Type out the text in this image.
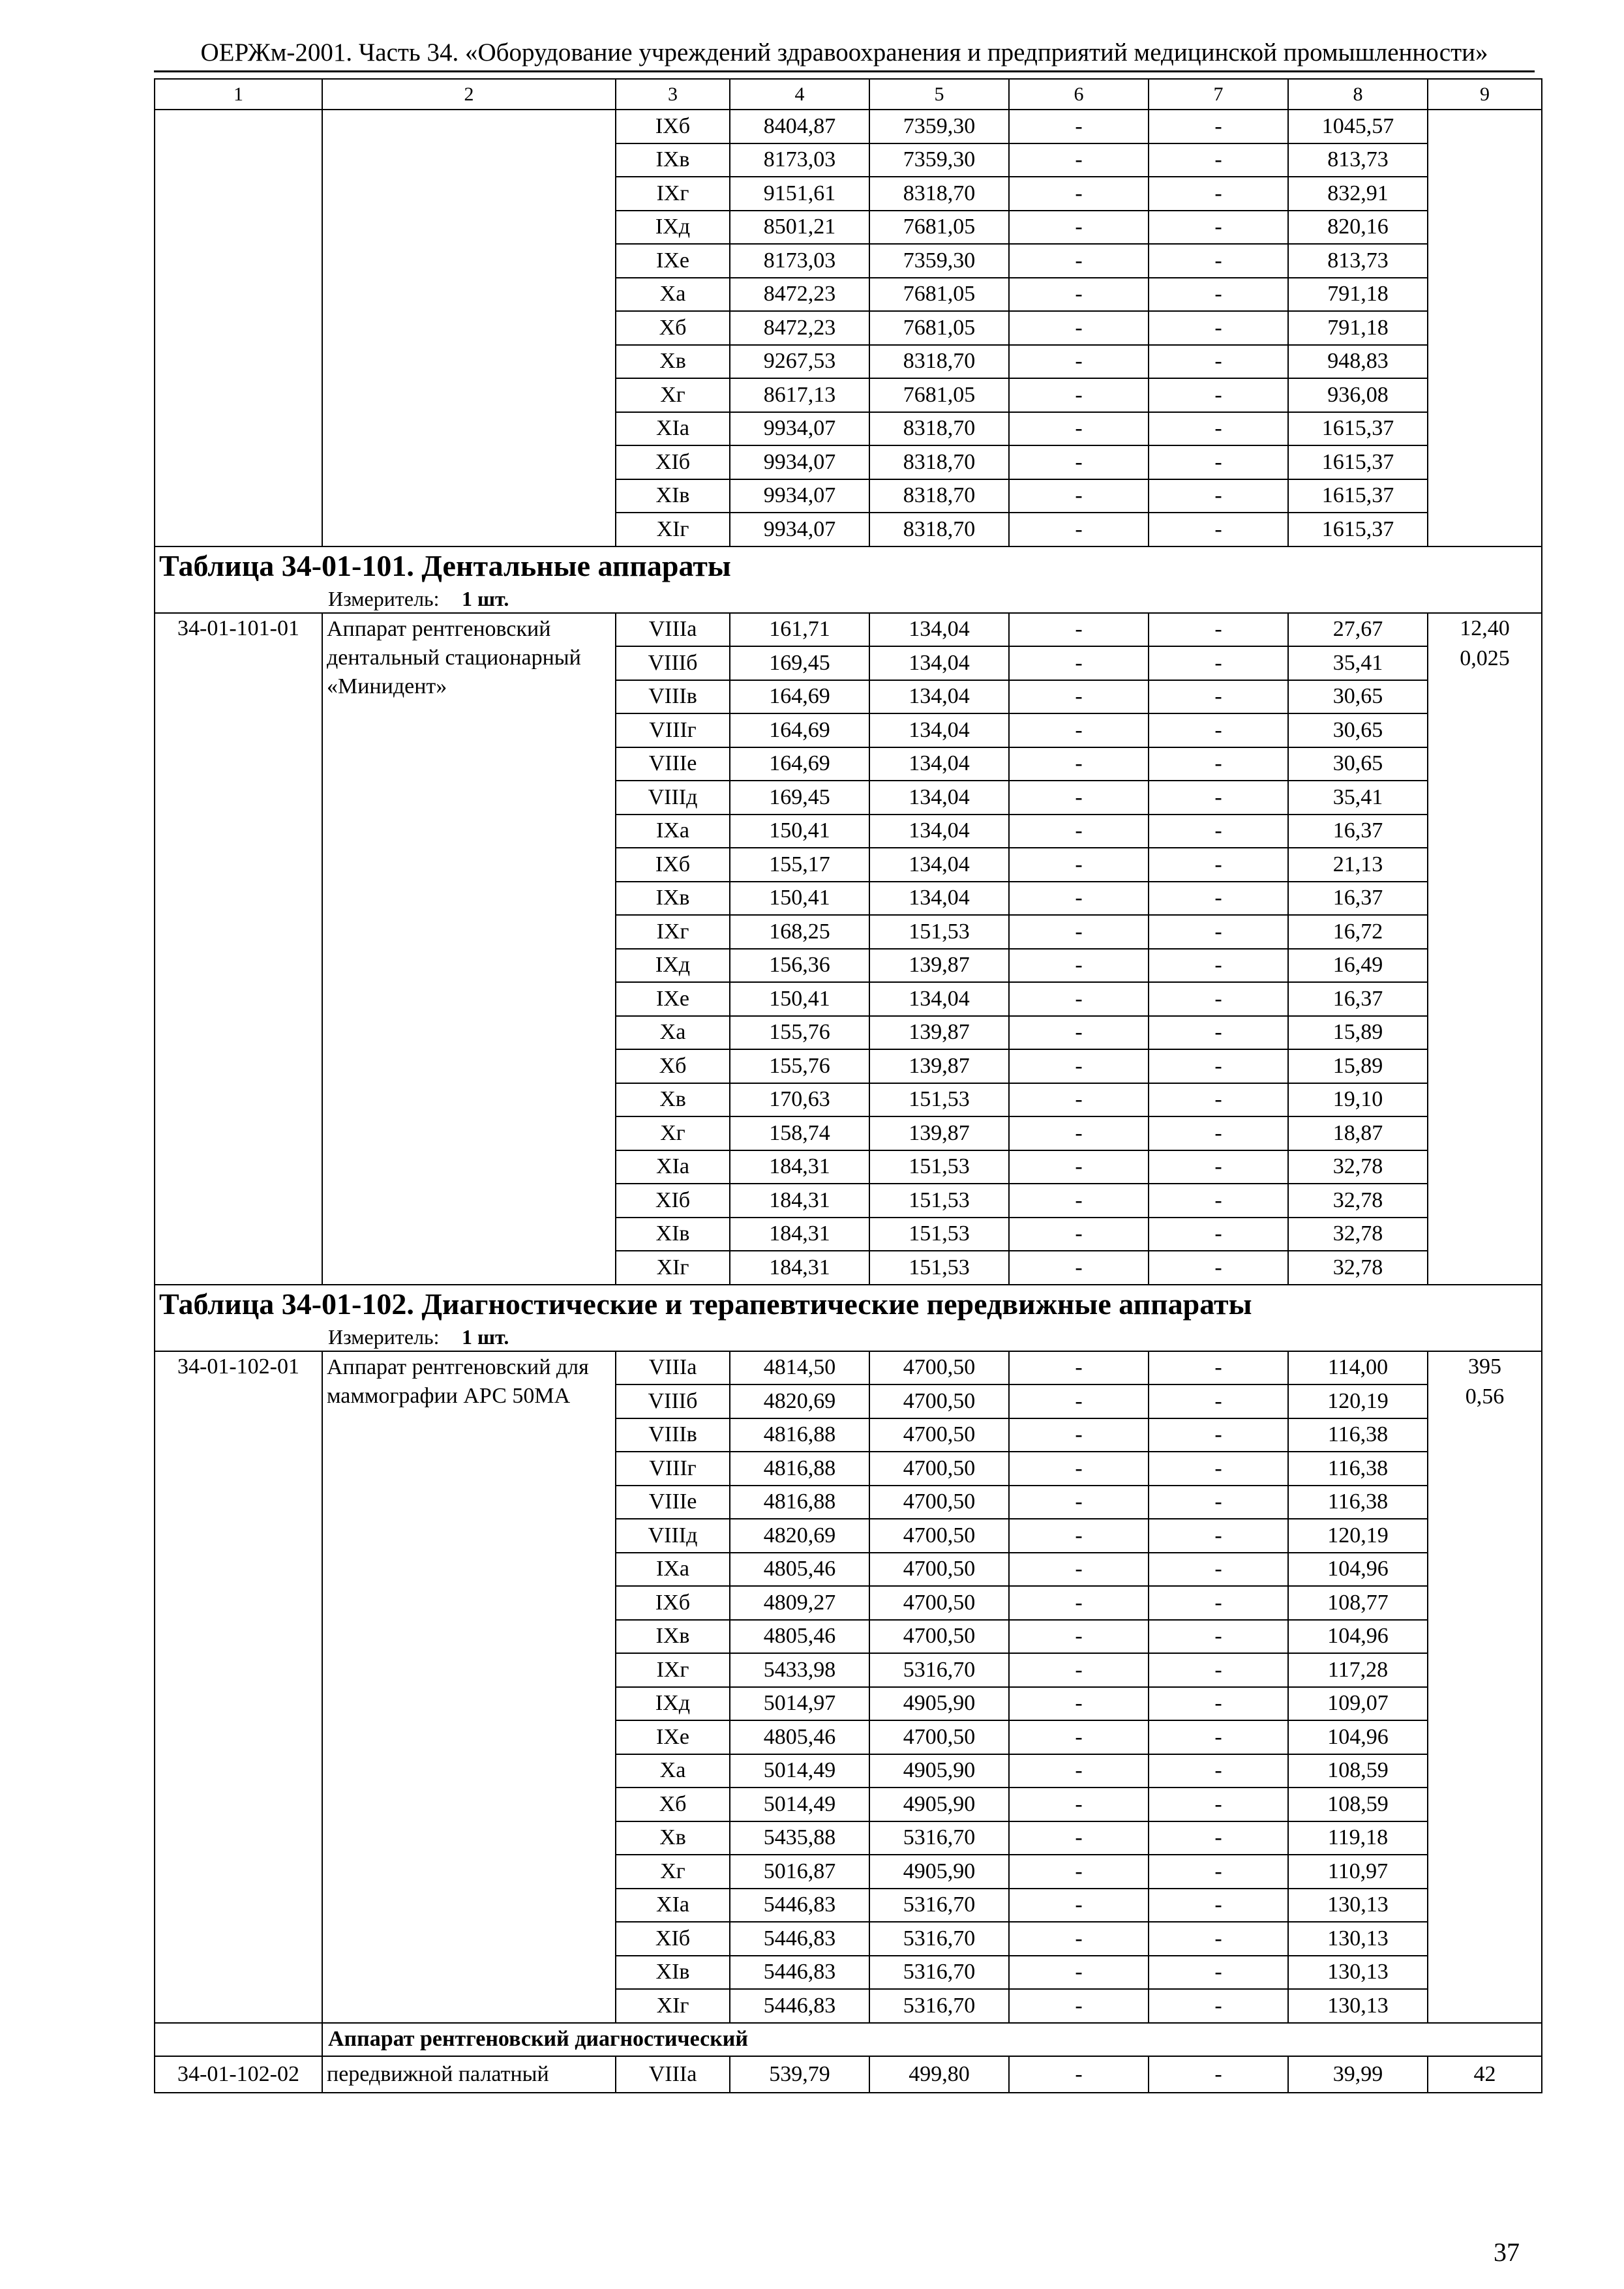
ОЕРЖм-2001. Часть 34. «Оборудование учреждений здравоохранения и предприятий медицинской промышленности»
1	2	3	4	5	6	7	8	9
		IХб	8404,87	7359,30	-	-	1045,57	
		IХв	8173,03	7359,30	-	-	813,73	
		IХг	9151,61	8318,70	-	-	832,91	
		IХд	8501,21	7681,05	-	-	820,16	
		IХе	8173,03	7359,30	-	-	813,73	
		Ха	8472,23	7681,05	-	-	791,18	
		Хб	8472,23	7681,05	-	-	791,18	
		Хв	9267,53	8318,70	-	-	948,83	
		Хг	8617,13	7681,05	-	-	936,08	
		ХIа	9934,07	8318,70	-	-	1615,37	
		ХIб	9934,07	8318,70	-	-	1615,37	
		ХIв	9934,07	8318,70	-	-	1615,37	
		ХIг	9934,07	8318,70	-	-	1615,37	
Таблица 34-01-101. Дентальные аппараты								
Измеритель: 1 шт.								
34-01-101-01	Аппарат рентгеновский дентальный стационарный «Минидент»	VIIIа	161,71	134,04	-	-	27,67	12,40
0,025

		VIIIб	169,45	134,04	-	-	35,41	
		VIIIв	164,69	134,04	-	-	30,65	
		VIIIг	164,69	134,04	-	-	30,65	
		VIIIе	164,69	134,04	-	-	30,65	
		VIIIд	169,45	134,04	-	-	35,41	
		IХа	150,41	134,04	-	-	16,37	
		IХб	155,17	134,04	-	-	21,13	
		IХв	150,41	134,04	-	-	16,37	
		IХг	168,25	151,53	-	-	16,72	
		IХд	156,36	139,87	-	-	16,49	
		IХе	150,41	134,04	-	-	16,37	
		Ха	155,76	139,87	-	-	15,89	
		Хб	155,76	139,87	-	-	15,89	
		Хв	170,63	151,53	-	-	19,10	
		Хг	158,74	139,87	-	-	18,87	
		ХIа	184,31	151,53	-	-	32,78	
		ХIб	184,31	151,53	-	-	32,78	
		ХIв	184,31	151,53	-	-	32,78	
		ХIг	184,31	151,53	-	-	32,78	
Таблица 34-01-102. Диагностические и терапевтические передвижные аппараты								
Измеритель: 1 шт.								
34-01-102-01	Аппарат рентгеновский для маммографии АРС 50МА	VIIIа	4814,50	4700,50	-	-	114,00	395
0,56

		VIIIб	4820,69	4700,50	-	-	120,19	
		VIIIв	4816,88	4700,50	-	-	116,38	
		VIIIг	4816,88	4700,50	-	-	116,38	
		VIIIе	4816,88	4700,50	-	-	116,38	
		VIIIд	4820,69	4700,50	-	-	120,19	
		IХа	4805,46	4700,50	-	-	104,96	
		IХб	4809,27	4700,50	-	-	108,77	
		IХв	4805,46	4700,50	-	-	104,96	
		IХг	5433,98	5316,70	-	-	117,28	
		IХд	5014,97	4905,90	-	-	109,07	
		IХе	4805,46	4700,50	-	-	104,96	
		Ха	5014,49	4905,90	-	-	108,59	
		Хб	5014,49	4905,90	-	-	108,59	
		Хв	5435,88	5316,70	-	-	119,18	
		Хг	5016,87	4905,90	-	-	110,97	
		ХIа	5446,83	5316,70	-	-	130,13	
		ХIб	5446,83	5316,70	-	-	130,13	
		ХIв	5446,83	5316,70	-	-	130,13	
		ХIг	5446,83	5316,70	-	-	130,13	
	Аппарат рентгеновский диагностический							
34-01-102-02	передвижной палатный	VIIIа	539,79	499,80	-	-	39,99	42
37
